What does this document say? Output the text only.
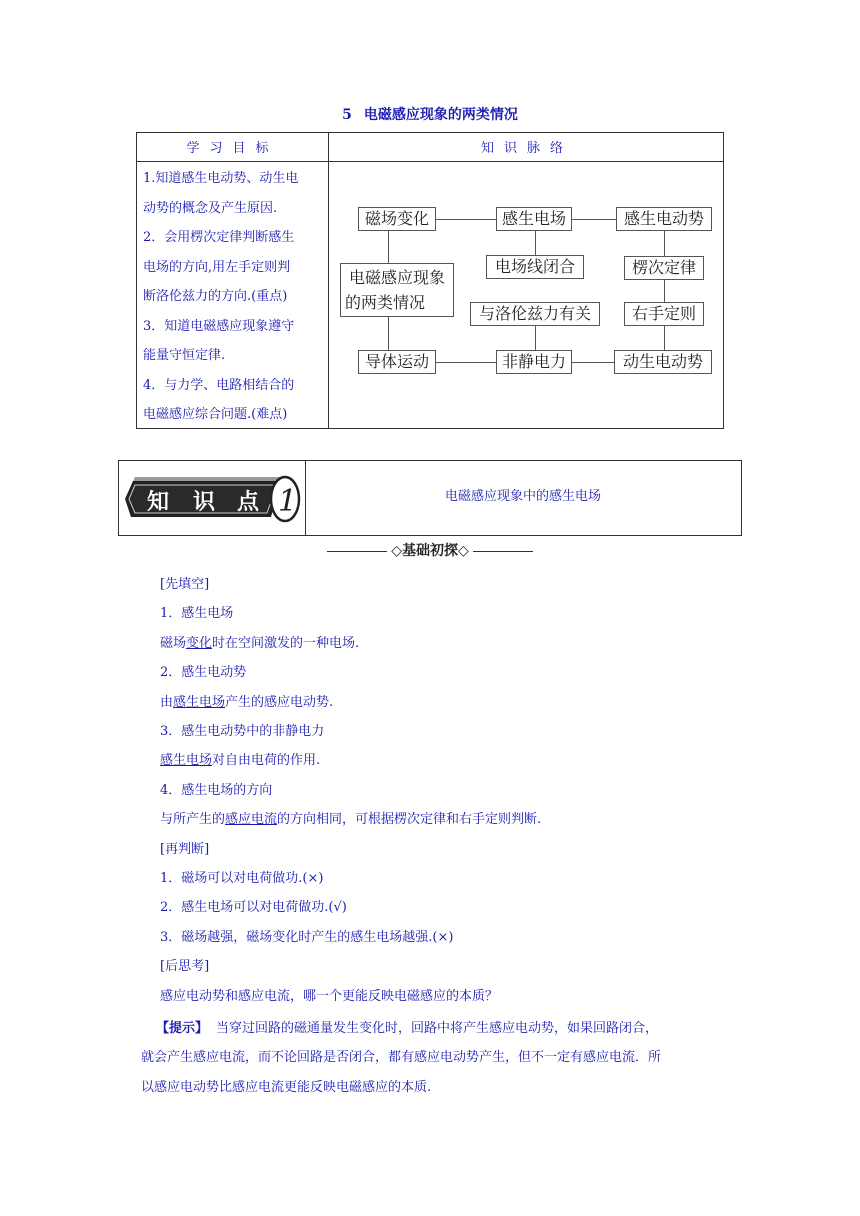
5 电磁感应现象的两类情况
学习目标	知识脉络

1.知道感生电动势、动生电

动势的概念及产生原因.

2．会用楞次定律判断感生

电场的方向,用左手定则判

断洛伦兹力的方向.(重点)

3．知道电磁感应现象遵守

能量守恒定律.

4．与力学、电路相结合的

电磁感应综合问题.(难点)

磁场变化	感生电场	感生电动势
电磁感应现象
的两类情况
电场线闭合	楞次定律
与洛伦兹力有关	右手定则
导体运动	非静电力	动生电动势
知 识 点 1	电磁感应现象中的感生电场
◇基础初探◇

[先填空]

1．感生电场

磁场变化时在空间激发的一种电场.

2．感生电动势

由感生电场产生的感应电动势.

3．感生电动势中的非静电力

感生电场对自由电荷的作用.

4．感生电场的方向

与所产生的感应电流的方向相同，可根据楞次定律和右手定则判断.

[再判断]

1．磁场可以对电荷做功.(×)

2．感生电场可以对电荷做功.(√)

3．磁场越强，磁场变化时产生的感生电场越强.(×)

[后思考]

感应电动势和感应电流，哪一个更能反映电磁感应的本质？

【提示】 当穿过回路的磁通量发生变化时，回路中将产生感应电动势，如果回路闭合，

就会产生感应电流，而不论回路是否闭合，都有感应电动势产生，但不一定有感应电流．所

以感应电动势比感应电流更能反映电磁感应的本质.
